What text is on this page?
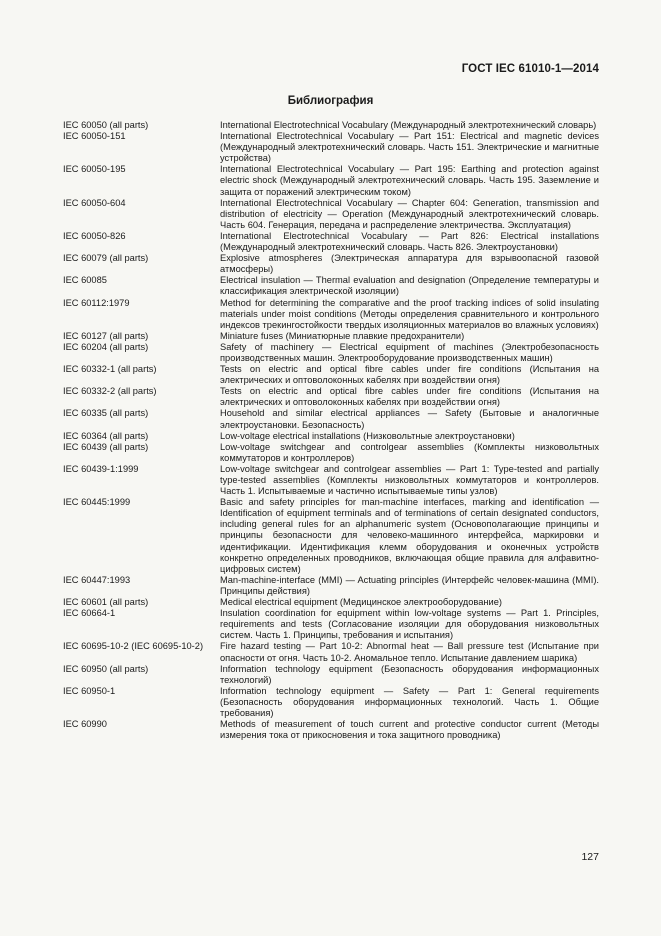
ГОСТ IEC 61010-1—2014
Библиография
IEC 60050 (all parts)	International Electrotechnical Vocabulary (Международный электротехнический словарь)
IEC 60050-151	International Electrotechnical Vocabulary — Part 151: Electrical and magnetic devices (Международный электротехнический словарь. Часть 151. Электрические и магнитные устройства)
IEC 60050-195	International Electrotechnical Vocabulary — Part 195: Earthing and protection against electric shock (Международный электротехнический словарь. Часть 195. Заземление и защита от поражений электрическим током)
IEC 60050-604	International Electrotechnical Vocabulary — Chapter 604: Generation, transmission and distribution of electricity — Operation (Международный электротехнический словарь. Часть 604. Генерация, передача и распределение электричества. Эксплуатация)
IEC 60050-826	International Electrotechnical Vocabulary — Part 826: Electrical installations (Международный электротехнический словарь. Часть 826. Электроустановки)
IEC 60079 (all parts)	Explosive atmospheres (Электрическая аппаратура для взрывоопасной газовой атмосферы)
IEC 60085	Electrical insulation — Thermal evaluation and designation (Определение температуры и классификация электрической изоляции)
IEC 60112:1979	Method for determining the comparative and the proof tracking indices of solid insulating materials under moist conditions (Методы определения сравнительного и контрольного индексов трекингостойкости твердых изоляционных материалов во влажных условиях)
IEC 60127 (all parts)	Miniature fuses (Миниатюрные плавкие предохранители)
IEC 60204 (all parts)	Safety of machinery — Electrical equipment of machines (Электробезопасность производственных машин. Электрооборудование производственных машин)
IEC 60332-1 (all parts)	Tests on electric and optical fibre cables under fire conditions (Испытания на электрических и оптоволоконных кабелях при воздействии огня)
IEC 60332-2 (all parts)	Tests on electric and optical fibre cables under fire conditions (Испытания на электрических и оптоволоконных кабелях при воздействии огня)
IEC 60335 (all parts)	Household and similar electrical appliances — Safety (Бытовые и аналогичные электроустановки. Безопасность)
IEC 60364 (all parts)	Low-voltage electrical installations (Низковольтные электроустановки)
IEC 60439 (all parts)	Low-voltage switchgear and controlgear assemblies (Комплекты низковольтных коммутаторов и контроллеров)
IEC 60439-1:1999	Low-voltage switchgear and controlgear assemblies — Part 1: Type-tested and partially type-tested assemblies (Комплекты низковольтных коммутаторов и контроллеров. Часть 1. Испытываемые и частично испытываемые типы узлов)
IEC 60445:1999	Basic and safety principles for man-machine interfaces, marking and identification — Identification of equipment terminals and of terminations of certain designated conductors, including general rules for an alphanumeric system (Основополагающие принципы и принципы безопасности для человеко-машинного интерфейса, маркировки и идентификации. Идентификация клемм оборудования и оконечных устройств конкретно определенных проводников, включающая общие правила для алфавитно-цифровых систем)
IEC 60447:1993	Man-machine-interface (MMI) — Actuating principles (Интерфейс человек-машина (MMI). Принципы действия)
IEC 60601 (all parts)	Medical electrical equipment (Медицинское электрооборудование)
IEC 60664-1	Insulation coordination for equipment within low-voltage systems — Part 1. Principles, requirements and tests (Согласование изоляции для оборудования низковольтных систем. Часть 1. Принципы, требования и испытания)
IEC 60695-10-2 (IEC 60695-10-2)	Fire hazard testing — Part 10-2: Abnormal heat — Ball pressure test (Испытание при опасности от огня. Часть 10-2. Аномальное тепло. Испытание давлением шарика)
IEC 60950 (all parts)	Information technology equipment (Безопасность оборудования информационных технологий)
IEC 60950-1	Information technology equipment — Safety — Part 1: General requirements (Безопасность оборудования информационных технологий. Часть 1. Общие требования)
IEC 60990	Methods of measurement of touch current and protective conductor current (Методы измерения тока от прикосновения и тока защитного проводника)
127
